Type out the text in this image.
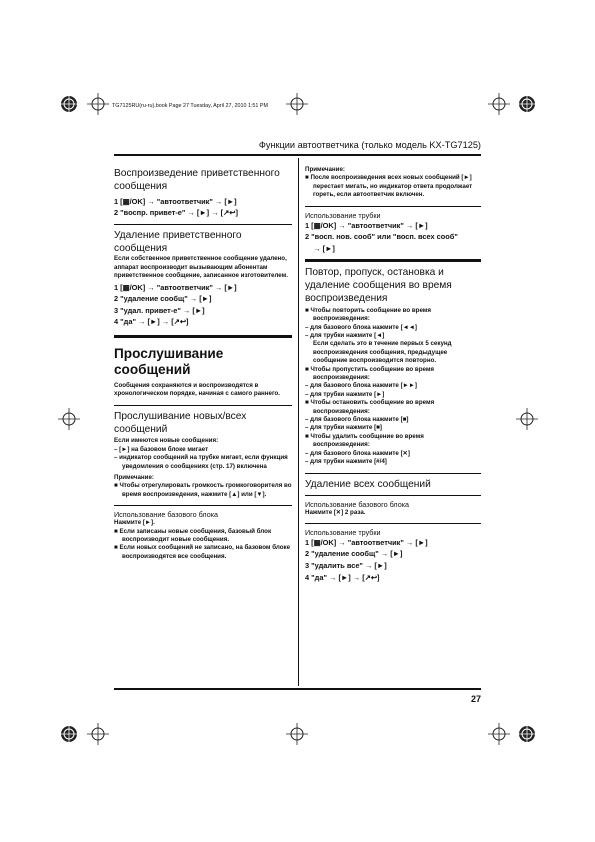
TG7125RU(ru-ru).book Page 27 Tuesday, April 27, 2010 1:51 PM
Функции автоответчика (только модель KX-TG7125)
Воспроизведение приветственного сообщения
1 [▦/OK] → "автоответчик" → [►]
2 "воспр. привет-е" → [►] → [↗↩]
Удаление приветственного сообщения
Если собственное приветственное сообщение удалено, аппарат воспроизводит вызывающим абонентам приветственное сообщение, записанное изготовителем.
1 [▦/OK] → "автоответчик" → [►]
2 "удаление сообщ" → [►]
3 "удал. привет-е" → [►]
4 "да" → [►] → [↗↩]
Прослушивание сообщений
Сообщения сохраняются и воспроизводятся в хронологическом порядке, начиная с самого раннего.
Прослушивание новых/всех сообщений
Если имеются новые сообщения:
– [►] на базовом блоке мигает
– индикатор сообщений на трубке мигает, если функция уведомления о сообщениях (стр. 17) включена
Примечание:
■ Чтобы отрегулировать громкость громкоговорителя во время воспроизведения, нажмите [▲] или [▼].
Использование базового блока
Нажмите [►].
■ Если записаны новые сообщения, базовый блок воспроизводит новые сообщения.
■ Если новых сообщений не записано, на базовом блоке воспроизводятся все сообщения.
Примечание:
■ После воспроизведения всех новых сообщений [►] перестает мигать, но индикатор ответа продолжает гореть, если автоответчик включен.
Использование трубки
1 [▦/OK] → "автоответчик" → [►]
2 "восп. нов. сооб" или "восп. всех сооб"
→ [►]
Повтор, пропуск, остановка и удаление сообщения во время воспроизведения
■ Чтобы повторить сообщение во время воспроизведения:
– для базового блока нажмите [◄◄]
– для трубки нажмите [◄]
Если сделать это в течение первых 5 секунд воспроизведения сообщения, предыдущее сообщение воспроизводится повторно.
■ Чтобы пропустить сообщение во время воспроизведения:
– для базового блока нажмите [►►]
– для трубки нажмите [►]
■ Чтобы остановить сообщение во время воспроизведения:
– для базового блока нажмите [■]
– для трубки нажмите [■]
■ Чтобы удалить сообщение во время воспроизведения:
– для базового блока нажмите [✕]
– для трубки нажмите [#/4]
Удаление всех сообщений
Использование базового блока
Нажмите [✕] 2 раза.
Использование трубки
1 [▦/OK] → "автоответчик" → [►]
2 "удаление сообщ" → [►]
3 "удалить все" → [►]
4 "да" → [►] → [↗↩]
27
